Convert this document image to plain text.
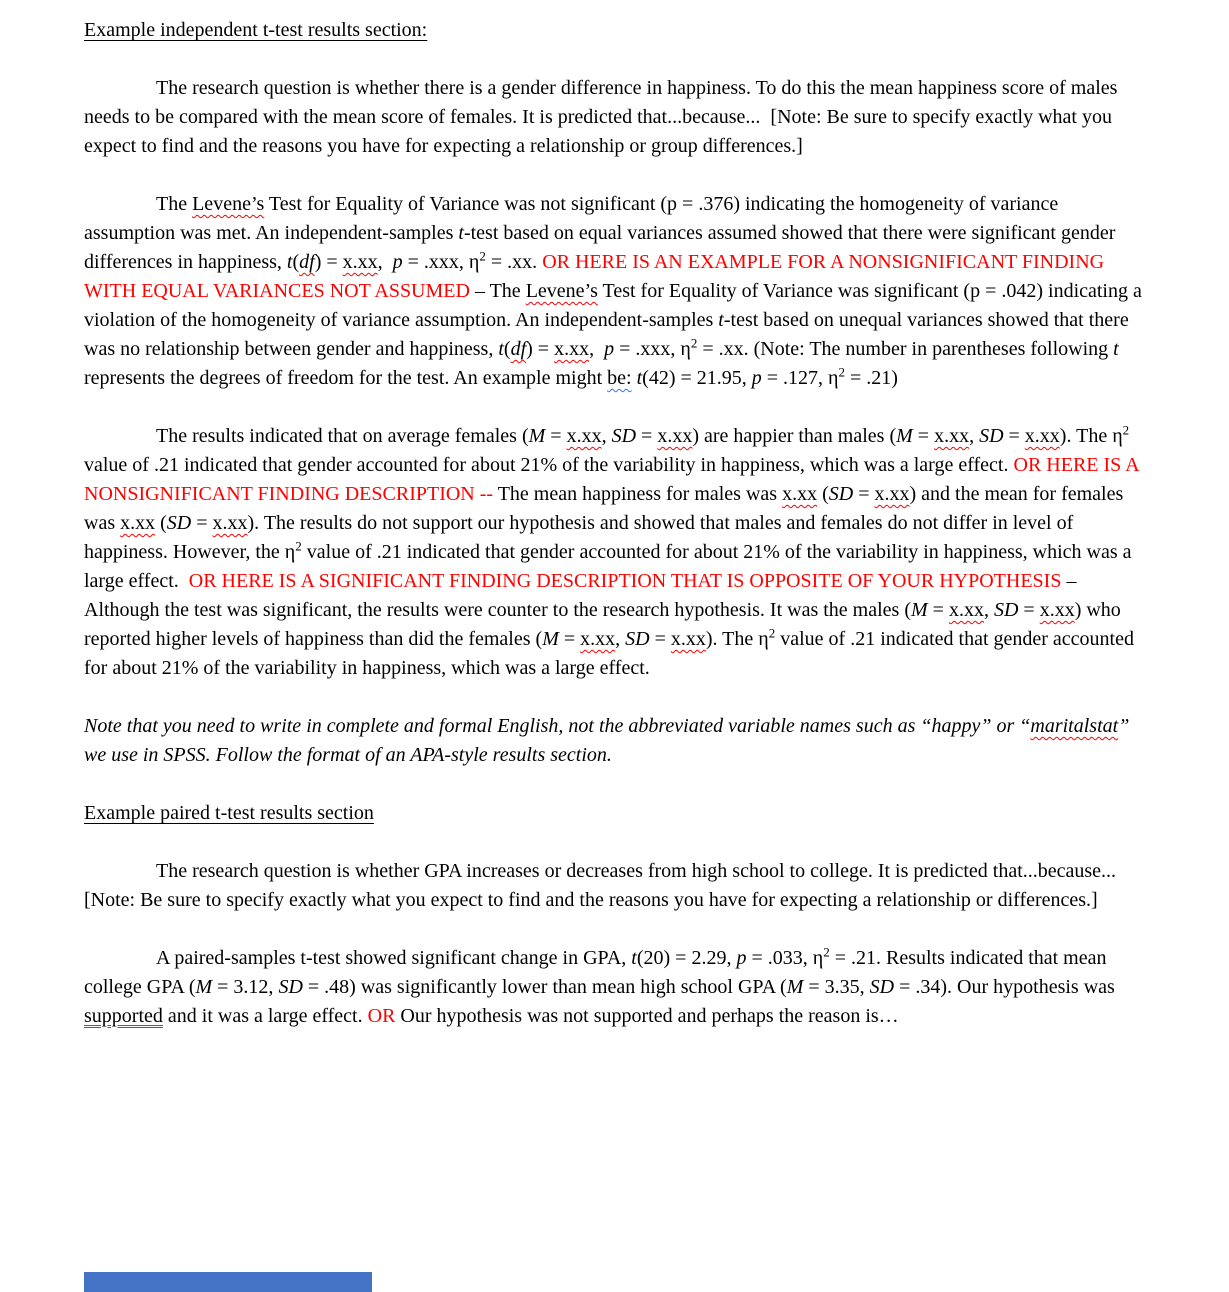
Example independent t-test results section:

The research question is whether there is a gender difference in happiness. To do this the mean happiness score of males needs to be compared with the mean score of females. It is predicted that...because...  [Note: Be sure to specify exactly what you expect to find and the reasons you have for expecting a relationship or group differences.]

The Levene’s Test for Equality of Variance was not significant (p = .376) indicating the homogeneity of variance assumption was met. An independent-samples t-test based on equal variances assumed showed that there were significant gender differences in happiness, t(df) = x.xx,  p = .xxx, $\eta^2 = .xx$. OR HERE IS AN EXAMPLE FOR A NONSIGNIFICANT FINDING WITH EQUAL VARIANCES NOT ASSUMED – The Levene’s Test for Equality of Variance was significant (p = .042) indicating a violation of the homogeneity of variance assumption. An independent-samples t-test based on unequal variances showed that there was no relationship between gender and happiness, t(df) = x.xx,  p = .xxx, $\eta^2 = .xx$. (Note: The number in parentheses following t represents the degrees of freedom for the test. An example might be: t(42) = 21.95, p = .127, $\eta^2 = .21$)

The results indicated that on average females (M = x.xx, SD = x.xx) are happier than males (M = x.xx, SD = x.xx). The $\eta^2$ value of .21 indicated that gender accounted for about 21% of the variability in happiness, which was a large effect. OR HERE IS A NONSIGNIFICANT FINDING DESCRIPTION -- The mean happiness for males was x.xx (SD = x.xx) and the mean for females was x.xx (SD = x.xx). The results do not support our hypothesis and showed that males and females do not differ in level of happiness. However, the $\eta^2$ value of .21 indicated that gender accounted for about 21% of the variability in happiness, which was a large effect.  OR HERE IS A SIGNIFICANT FINDING DESCRIPTION THAT IS OPPOSITE OF YOUR HYPOTHESIS – Although the test was significant, the results were counter to the research hypothesis. It was the males (M = x.xx, SD = x.xx) who reported higher levels of happiness than did the females (M = x.xx, SD = x.xx). The $\eta^2$ value of .21 indicated that gender accounted for about 21% of the variability in happiness, which was a large effect.

Note that you need to write in complete and formal English, not the abbreviated variable names such as “happy” or “maritalstat” we use in SPSS. Follow the format of an APA-style results section.

Example paired t-test results section

The research question is whether GPA increases or decreases from high school to college. It is predicted that...because...  [Note: Be sure to specify exactly what you expect to find and the reasons you have for expecting a relationship or differences.]

A paired-samples t-test showed significant change in GPA, t(20) = 2.29, p = .033, $\eta^2 = .21$. Results indicated that mean college GPA (M = 3.12, SD = .48) was significantly lower than mean high school GPA (M = 3.35, SD = .34). Our hypothesis was supported and it was a large effect. OR Our hypothesis was not supported and perhaps the reason is…
